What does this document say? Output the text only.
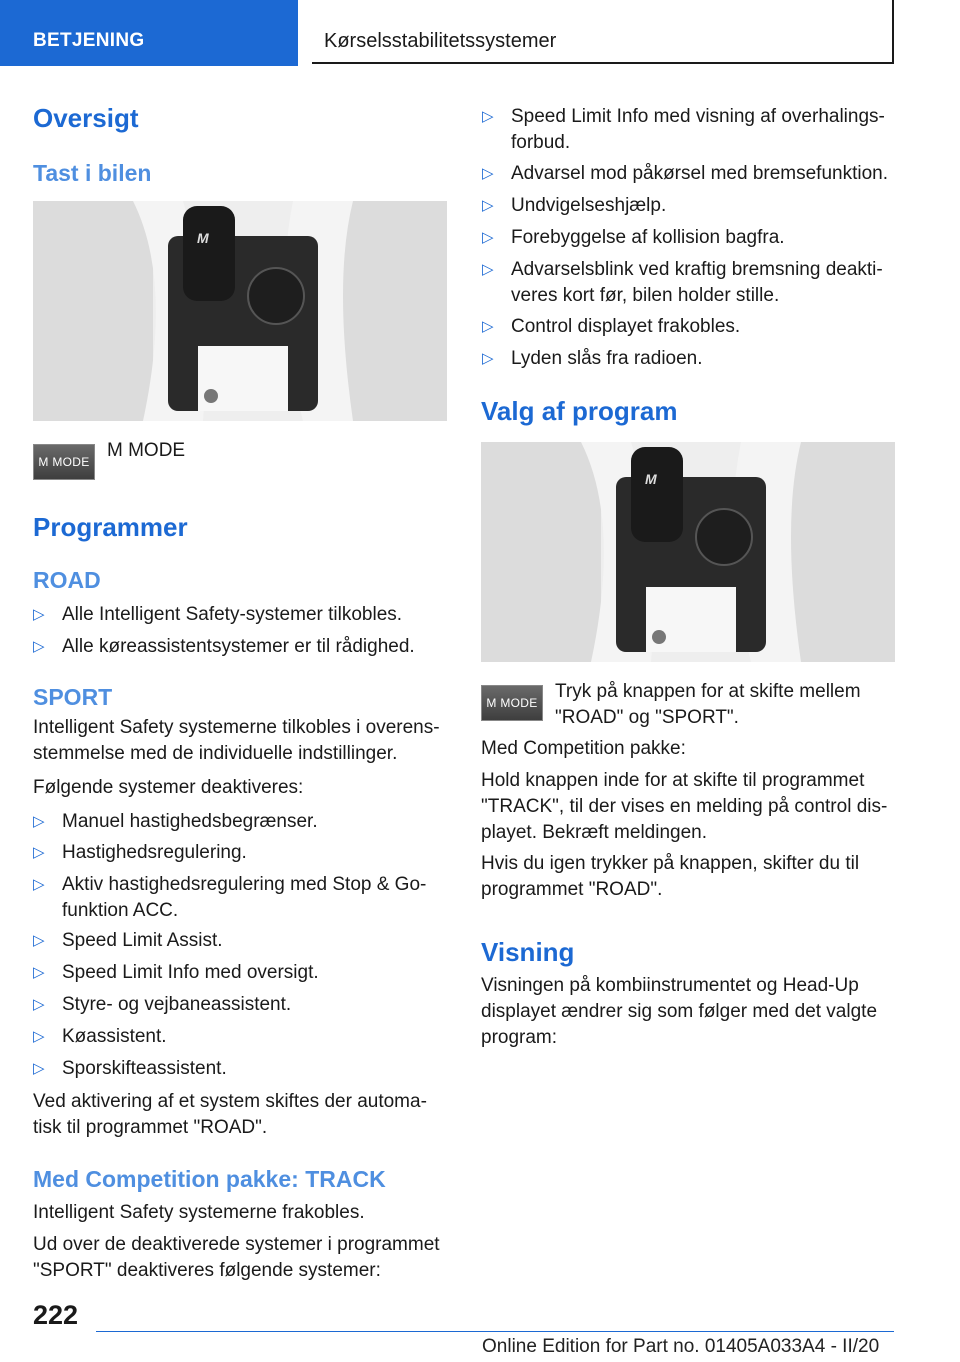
BETJENING	Kørselsstabilitetssystemer
Oversigt
Tast i bilen
M
M MODE
M MODE
Programmer
ROAD
▷ Alle Intelligent Safety-systemer tilkobles.
▷ Alle køreassistentsystemer er til rådighed.
SPORT
Intelligent Safety systemerne tilkobles i overens‐
stemmelse med de individuelle indstillinger.
Følgende systemer deaktiveres:
▷ Manuel hastighedsbegrænser.
▷ Hastighedsregulering.
▷ Aktiv hastighedsregulering med Stop & Go-
funktion ACC.
▷ Speed Limit Assist.
▷ Speed Limit Info med oversigt.
▷ Styre- og vejbaneassistent.
▷ Køassistent.
▷ Sporskifteassistent.
Ved aktivering af et system skiftes der automa‐
tisk til programmet "ROAD".
Med Competition pakke: TRACK
Intelligent Safety systemerne frakobles.
Ud over de deaktiverede systemer i programmet
"SPORT" deaktiveres følgende systemer:
▷ Speed Limit Info med visning af overhalings‐
forbud.
▷ Advarsel mod påkørsel med bremsefunktion.
▷ Undvigelseshjælp.
▷ Forebyggelse af kollision bagfra.
▷ Advarselsblink ved kraftig bremsning deakti‐
veres kort før, bilen holder stille.
▷ Control displayet frakobles.
▷ Lyden slås fra radioen.
Valg af program
M
M MODE
Tryk på knappen for at skifte mellem
"ROAD" og "SPORT".
Med Competition pakke:
Hold knappen inde for at skifte til programmet
"TRACK", til der vises en melding på control dis‐
playet. Bekræft meldingen.
Hvis du igen trykker på knappen, skifter du til
programmet "ROAD".
Visning
Visningen på kombiinstrumentet og Head-Up
displayet ændrer sig som følger med det valgte
program:
222
Online Edition for Part no. 01405A033A4 - II/20
